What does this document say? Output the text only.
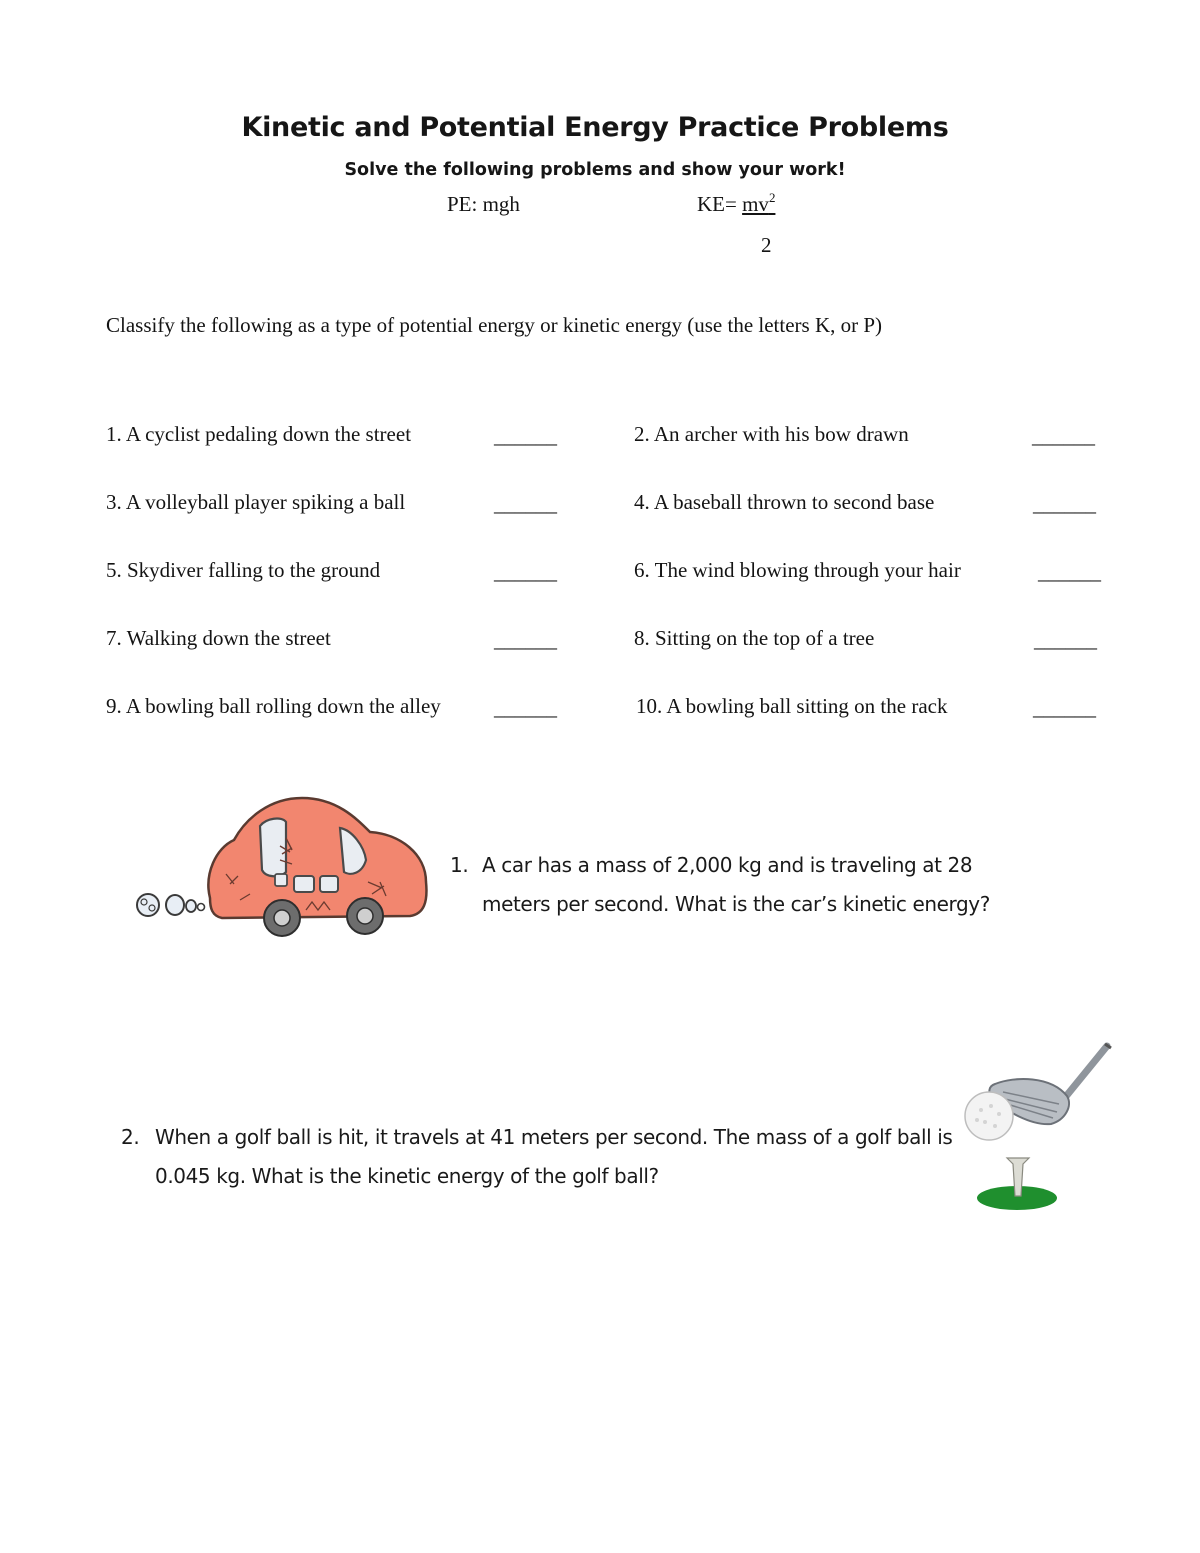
Kinetic and Potential Energy Practice Problems
Solve the following problems and show your work!
PE: mgh	$KE= mv^2$
2
Classify the following as a type of potential energy or kinetic energy (use the letters K, or P)
1. A cyclist pedaling down the street	______	2. An archer with his bow drawn	______
3. A volleyball player spiking a ball	______	4. A baseball thrown to second base	______
5. Skydiver falling to the ground	______	6. The wind blowing through your hair	______
7. Walking down the street	______	8. Sitting on the top of a tree	______
9. A bowling ball rolling down the alley	______	10. A bowling ball sitting on the rack	______
1. A car has a mass of 2,000 kg and is traveling at 28 meters per second. What is the car’s kinetic energy?
2. When a golf ball is hit, it travels at 41 meters per second. The mass of a golf ball is 0.045 kg. What is the kinetic energy of the golf ball?
